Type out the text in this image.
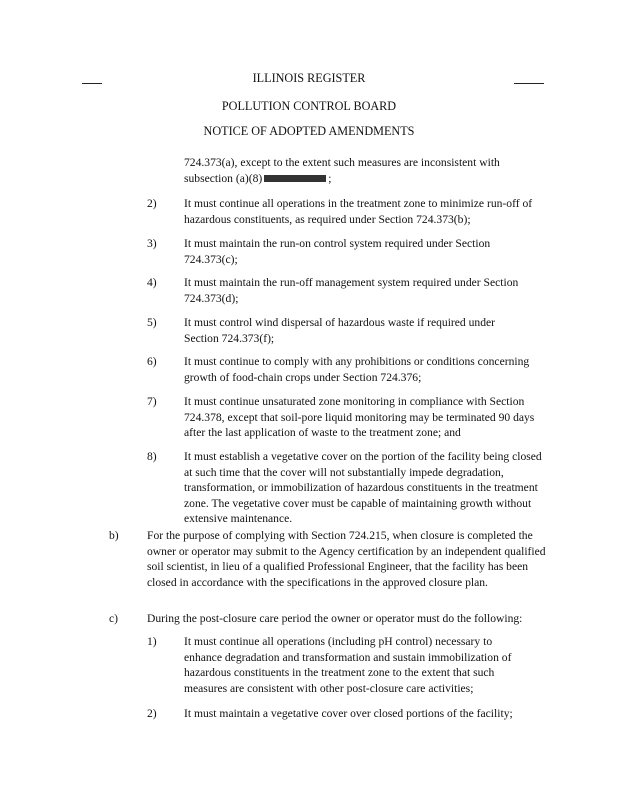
ILLINOIS REGISTER
POLLUTION CONTROL BOARD
NOTICE OF ADOPTED AMENDMENTS
724.373(a), except to the extent such measures are inconsistent with subsection (a)(8)	;
2) It must continue all operations in the treatment zone to minimize run-off of hazardous constituents, as required under Section 724.373(b);
3) It must maintain the run-on control system required under Section 724.373(c);
4) It must maintain the run-off management system required under Section 724.373(d);
5) It must control wind dispersal of hazardous waste if required under Section 724.373(f);
6) It must continue to comply with any prohibitions or conditions concerning growth of food-chain crops under Section 724.376;
7) It must continue unsaturated zone monitoring in compliance with Section 724.378, except that soil-pore liquid monitoring may be terminated 90 days after the last application of waste to the treatment zone; and
8) It must establish a vegetative cover on the portion of the facility being closed at such time that the cover will not substantially impede degradation, transformation, or immobilization of hazardous constituents in the treatment zone. The vegetative cover must be capable of maintaining growth without extensive maintenance.
b) For the purpose of complying with Section 724.215, when closure is completed the owner or operator may submit to the Agency certification by an independent qualified soil scientist, in lieu of a qualified Professional Engineer, that the facility has been closed in accordance with the specifications in the approved closure plan.
c) During the post-closure care period the owner or operator must do the following:
1) It must continue all operations (including pH control) necessary to enhance degradation and transformation and sustain immobilization of hazardous constituents in the treatment zone to the extent that such measures are consistent with other post-closure care activities;
2) It must maintain a vegetative cover over closed portions of the facility;
